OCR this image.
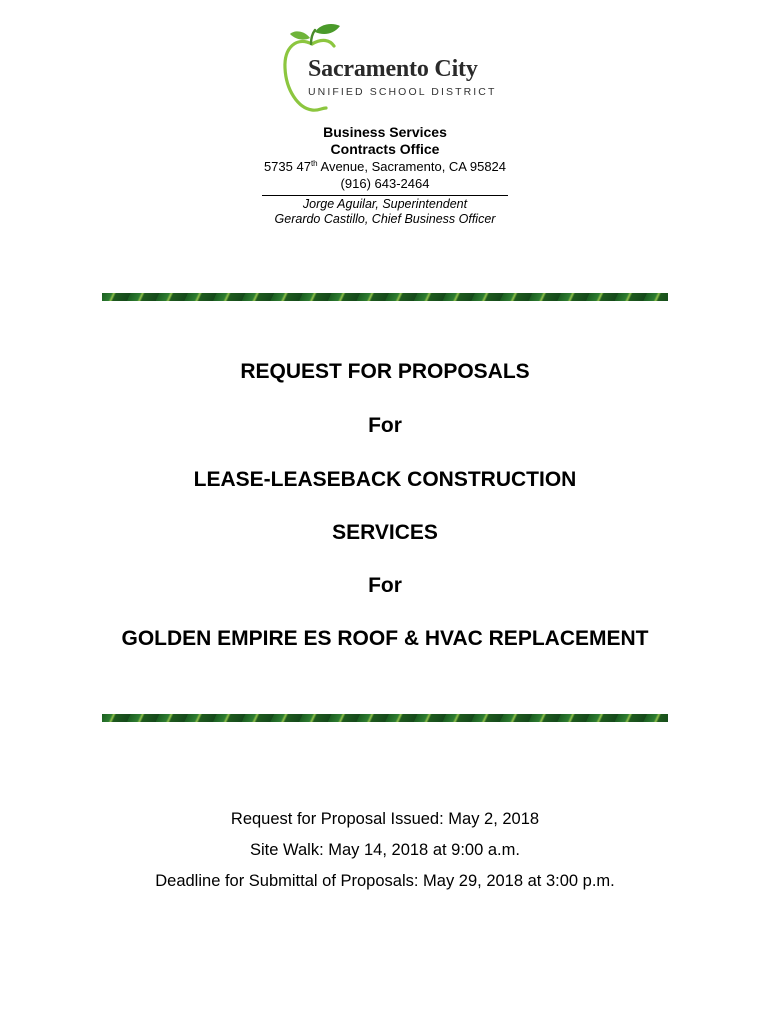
Sacramento City
UNIFIED SCHOOL DISTRICT
Business Services
Contracts Office
5735 47th Avenue, Sacramento, CA 95824
(916) 643-2464
Jorge Aguilar, Superintendent
Gerardo Castillo, Chief Business Officer
REQUEST FOR PROPOSALS
For
LEASE-LEASEBACK CONSTRUCTION
SERVICES
For
GOLDEN EMPIRE ES ROOF & HVAC REPLACEMENT
Request for Proposal Issued: May 2, 2018
Site Walk: May 14, 2018 at 9:00 a.m.
Deadline for Submittal of Proposals: May 29, 2018 at 3:00 p.m.
